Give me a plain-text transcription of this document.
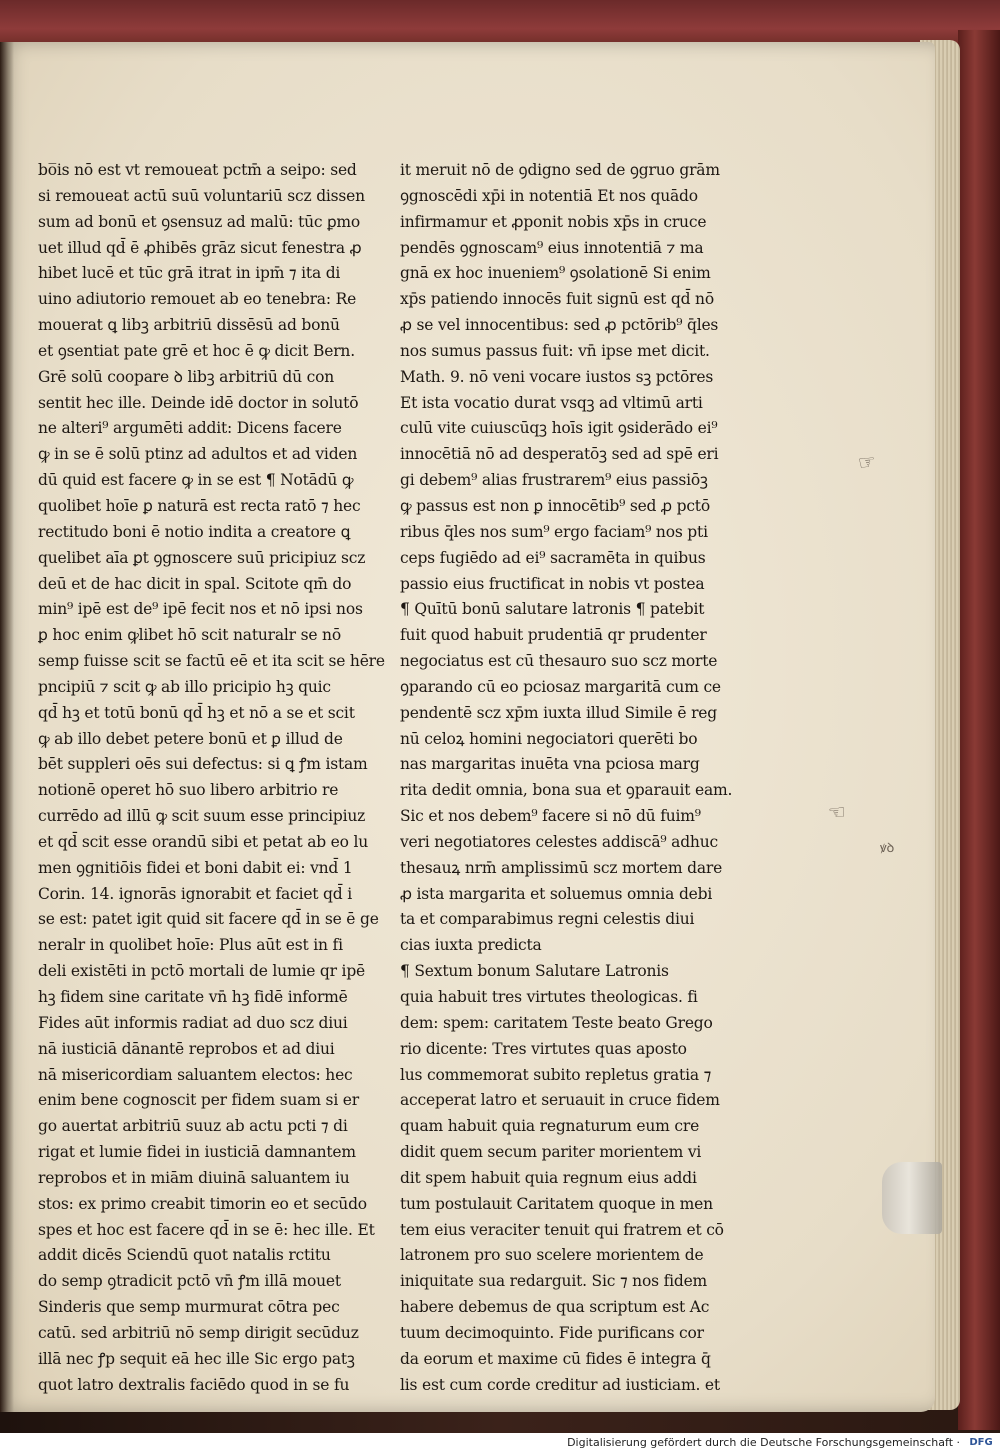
bo̅is nō est vt remoueat pctm̄ a seipo: sed
si remoueat actū suū voluntariū scz dissen
sum ad bonū et ꝯsensuz ad malū: tūc ꝑmo
uet illud qd̄ ē ꝓhibēs grāz sicut fenestra ꝓ
hibet lucē et tūc grā itrat in ipm̄ ⁊ ita di
uino adiutorio remouet ab eo tenebra: Re
mouerat ꝗ libꝫ arbitriū dissēsū ad bonū
et ꝯsentiat pate grē et hoc ē ꝙ dicit Bern.
Grē solū coopare ꝺ libꝫ arbitriū dū con
sentit hec ille. Deinde idē doctor in solutō
ne alteri⁹ argumēti addit: Dicens facere
ꝙ in se ē solū ptinz ad adultos et ad viden
dū quid est facere ꝙ in se est ¶ Notādū ꝙ
quolibet hoīe ꝑ naturā est recta ratō ⁊ hec
rectitudo boni ē notio indita a creatore ꝗ
quelibet aīa ꝑt ꝯgnoscere suū pricipiuz scz
deū et de hac dicit in spal. Scitote qm̄ do
min⁹ ipē est de⁹ ipē fecit nos et nō ipsi nos
ꝑ hoc enim ꝙlibet hō scit naturalr se nō
semp fuisse scit se factū eē et ita scit se hēre
pncipiū ⁊ scit ꝙ ab illo pricipio hꝫ quic
qd̄ hꝫ et totū bonū qd̄ hꝫ et nō a se et scit
ꝙ ab illo debet petere bonū et ꝑ illud de
bēt suppleri oēs sui defectus: si ꝗ ꝭm istam
notionē operet hō suo libero arbitrio re
currēdo ad illū ꝙ scit suum esse principiuz
et qd̄ scit esse orandū sibi et petat ab eo lu
men ꝯgnitiōis fidei et boni dabit ei: vnd̄ 1
Corin. 14. ignorās ignorabit et faciet qd̄ i
se est: patet igit quid sit facere qd̄ in se ē ge
neralr in quolibet hoīe: Plus aūt est in fi
deli existēti in pctō mortali de lumie qr ipē
hꝫ fidem sine caritate vn̄ hꝫ fidē informē
Fides aūt informis radiat ad duo scz diui
nā iusticiā dānantē reprobos et ad diui
nā misericordiam saluantem electos: hec
enim bene cognoscit per fidem suam si er
go auertat arbitriū suuz ab actu pcti ⁊ di
rigat et lumie fidei in iusticiā damnantem
reprobos et in miām diuinā saluantem iu
stos: ex primo creabit timorin eo et secūdo
spes et hoc est facere qd̄ in se ē: hec ille. Et
addit dicēs Sciendū quot natalis rctitu
do semp ꝯtradicit pctō vn̄ ꝭm illā mouet
Sinderis que semp murmurat cōtra pec
catū. sed arbitriū nō semp dirigit secūduz
illā nec ꝭp sequit eā hec ille Sic ergo patꝫ
quot latro dextralis faciēdo quod in se fu
it meruit nō de ꝯdigno sed de ꝯgruo grām
ꝯgnoscēdi xp̄i in notentiā Et nos quādo
infirmamur et ꝓponit nobis xp̄s in cruce
pendēs ꝯgnoscam⁹ eius innotentiā ⁊ ma
gnā ex hoc inueniem⁹ ꝯsolationē Si enim
xp̄s patiendo innocēs fuit signū est qd̄ nō
ꝓ se vel innocentibus: sed ꝓ pctōrib⁹ q̄les
nos sumus passus fuit: vn̄ ipse met dicit.
Math. 9. nō veni vocare iustos sꝫ pctōres
Et ista vocatio durat vsqꝫ ad vltimū arti
culū vite cuiuscūqꝫ hoīs igit ꝯsiderādo ei⁹
innocētiā nō ad desperatōꝫ sed ad spē eri
gi debem⁹ alias frustrarem⁹ eius passiōꝫ
ꝙ passus est non ꝑ innocētib⁹ sed ꝓ pctō
ribus q̄les nos sum⁹ ergo faciam⁹ nos pti
ceps fugiēdo ad ei⁹ sacramēta in quibus
passio eius fructificat in nobis vt postea
¶ Quītū bonū salutare latronis ¶ patebit
fuit quod habuit prudentiā qr prudenter
negociatus est cū thesauro suo scz morte
ꝯparando cū eo pciosaz margaritā cum ce
pendentē scz xp̄m iuxta illud Simile ē reg
nū celoꝝ homini negociatori querēti bo
nas margaritas inuēta vna pciosa marg
rita dedit omnia, bona sua et ꝯparauit eam.
Sic et nos debem⁹ facere si nō dū fuim⁹
veri negotiatores celestes addiscā⁹ adhuc
thesauꝝ nrm̄ amplissimū scz mortem dare
ꝓ ista margarita et soluemus omnia debi
ta et comparabimus regni celestis diui
cias iuxta predicta
¶ Sextum bonum Salutare Latronis
quia habuit tres virtutes theologicas. fi
dem: spem: caritatem Teste beato Grego
rio dicente: Tres virtutes quas aposto
lus commemorat subito repletus gratia ⁊
acceperat latro et seruauit in cruce fidem
quam habuit quia regnaturum eum cre
didit quem secum pariter morientem vi
dit spem habuit quia regnum eius addi
tum postulauit Caritatem quoque in men
tem eius veraciter tenuit qui fratrem et cō
latronem pro suo scelere morientem de
iniquitate sua redarguit. Sic ⁊ nos fidem
habere debemus de qua scriptum est Ac
tuum decimoquinto. Fide purificans cor
da eorum et maxime cū fides ē integra q̄
lis est cum corde creditur ad iusticiam. et
☞
☜
ꝟꝺ
Digitalisierung gefördert durch die Deutsche Forschungsgemeinschaft · DFG
